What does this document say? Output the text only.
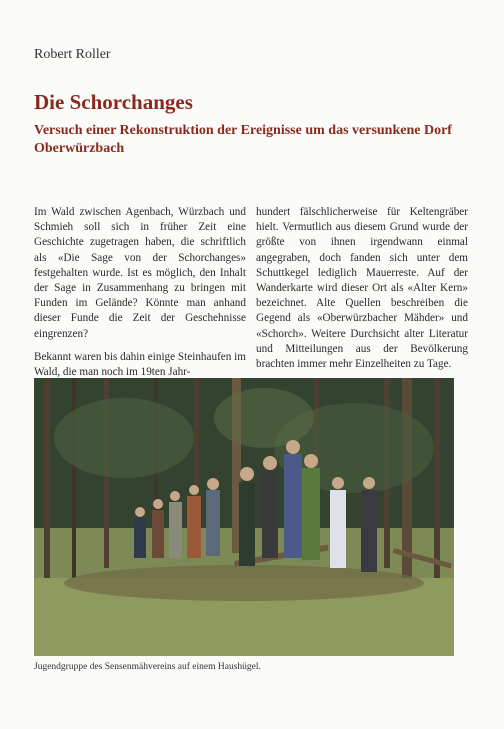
Robert Roller
Die Schorchanges
Versuch einer Rekonstruktion der Ereignisse um das versunkene Dorf Oberwürzbach

Im Wald zwischen Agenbach, Würzbach und Schmieh soll sich in früher Zeit eine Geschichte zugetragen haben, die schriftlich als «Die Sage von der Schorchanges» festgehalten wurde. Ist es möglich, den Inhalt der Sage in Zusammenhang zu bringen mit Funden im Gelände? Könnte man anhand dieser Funde die Zeit der Geschehnisse eingrenzen?

Bekannt waren bis dahin einige Steinhaufen im Wald, die man noch im 19ten Jahr-

hundert fälschlicherweise für Keltengräber hielt. Vermutlich aus diesem Grund wurde der größte von ihnen irgendwann einmal angegraben, doch fanden sich unter dem Schuttkegel lediglich Mauerreste. Auf der Wanderkarte wird dieser Ort als «Alter Kern» bezeichnet. Alte Quellen beschreiben die Gegend als «Oberwürzbacher Mähder» und «Schorch». Weitere Durchsicht alter Literatur und Mitteilungen aus der Bevölkerung brachten immer mehr Einzelheiten zu Tage.

Jugendgruppe des Sensenmähvereins auf einem Haushügel.
